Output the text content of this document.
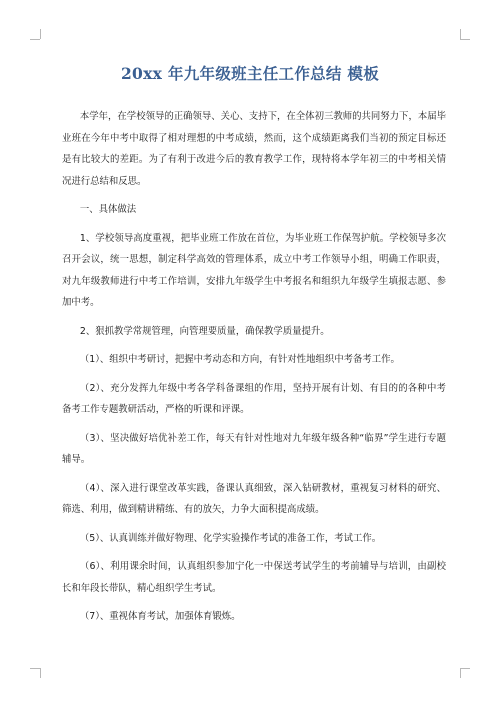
20xx 年九年级班主任工作总结 模板

本学年，在学校领导的正确领导、关心、支持下，在全体初三教师的共同努力下，本届毕业班在今年中考中取得了相对理想的中考成绩，然而，这个成绩距离我们当初的预定目标还是有比较大的差距。为了有利于改进今后的教育教学工作，现特将本学年初三的中考相关情况进行总结和反思。

一、具体做法

1、学校领导高度重视，把毕业班工作放在首位，为毕业班工作保驾护航。学校领导多次召开会议，统一思想，制定科学高效的管理体系，成立中考工作领导小组，明确工作职责，对九年级教师进行中考工作培训，安排九年级学生中考报名和组织九年级学生填报志愿、参加中考。

2、狠抓教学常规管理，向管理要质量，确保教学质量提升。

（1）、组织中考研讨，把握中考动态和方向，有针对性地组织中考备考工作。

（2）、充分发挥九年级中考各学科备课组的作用，坚持开展有计划、有目的的各种中考备考工作专题教研活动，严格的听课和评课。

（3）、坚决做好培优补差工作，每天有针对性地对九年级年级各种“临界”学生进行专题辅导。

（4）、深入进行课堂改革实践，备课认真细致，深入钻研教材，重视复习材料的研究、筛选、利用，做到精讲精练、有的放矢，力争大面积提高成绩。

（5）、认真训练并做好物理、化学实验操作考试的准备工作，考试工作。

（6）、利用课余时间，认真组织参加宁化一中保送考试学生的考前辅导与培训，由副校长和年段长带队，精心组织学生考试。

（7）、重视体育考试，加强体育锻炼。
